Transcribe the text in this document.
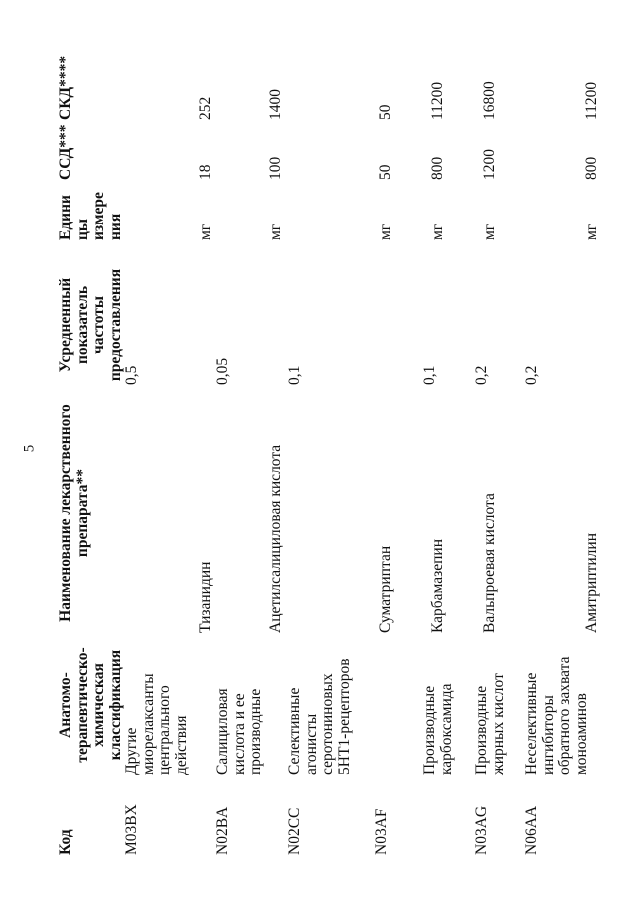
5
Код
Анатомо-терапевтическо-химическая классификация
Наименование лекарственного препарата**
Усредненный показатель частоты предоставления
Едини цы измере ния
ССД***
СКД****
M03BX
Другие миорелаксанты центрального действия
0,5
Тизанидин
мг
18
252
N02BA
Салициловая кислота и ее производные
0,05
Ацетилсалициловая кислота
мг
100
1400
N02CC
Селективные агонисты серотониновых 5HT1-рецепторов
0,1
Суматриптан
мг
50
50
N03AF
Производные карбоксамида
0,1
Карбамазепин
мг
800
11200
N03AG
Производные жирных кислот
0,2
Вальпроевая кислота
мг
1200
16800
N06AA
Неселективные ингибиторы обратного захвата моноаминов
0,2
Амитриптилин
мг
800
11200
